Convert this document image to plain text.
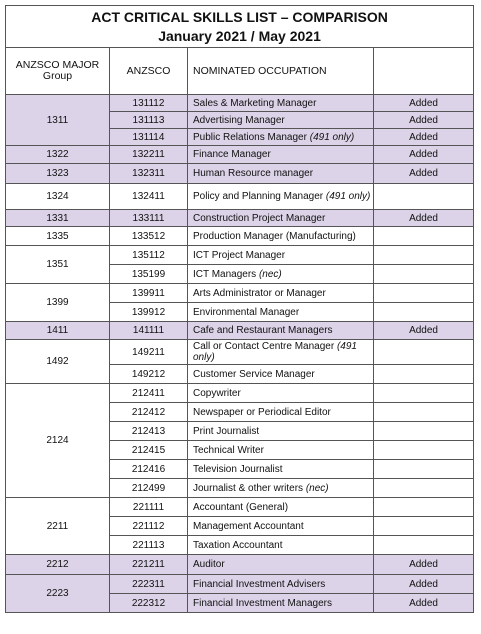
ACT CRITICAL SKILLS LIST – COMPARISON
January 2021 / May 2021			

ANZSCO MAJOR
Group	ANZSCO	NOMINATED OCCUPATION	
1311	131112	Sales & Marketing Manager	Added
	131113	Advertising Manager	Added
	131114	Public Relations Manager (491 only)	Added
1322	132211	Finance Manager	Added
1323	132311	Human Resource manager	Added
1324	132411	Policy and Planning Manager (491 only)	
1331	133111	Construction Project Manager	Added
1335	133512	Production Manager (Manufacturing)	
1351	135112	ICT Project Manager	
	135199	ICT Managers (nec)	
1399	139911	Arts Administrator or Manager	
	139912	Environmental Manager	
1411	141111	Cafe and Restaurant Managers	Added
1492	149211	Call or Contact Centre Manager (491 only)	
	149212	Customer Service Manager	
2124	212411	Copywriter	
	212412	Newspaper or Periodical Editor	
	212413	Print Journalist	
	212415	Technical Writer	
	212416	Television Journalist	
	212499	Journalist & other writers (nec)	
2211	221111	Accountant (General)	
	221112	Management Accountant	
	221113	Taxation Accountant	
2212	221211	Auditor	Added
2223	222311	Financial Investment Advisers	Added
	222312	Financial Investment Managers	Added
